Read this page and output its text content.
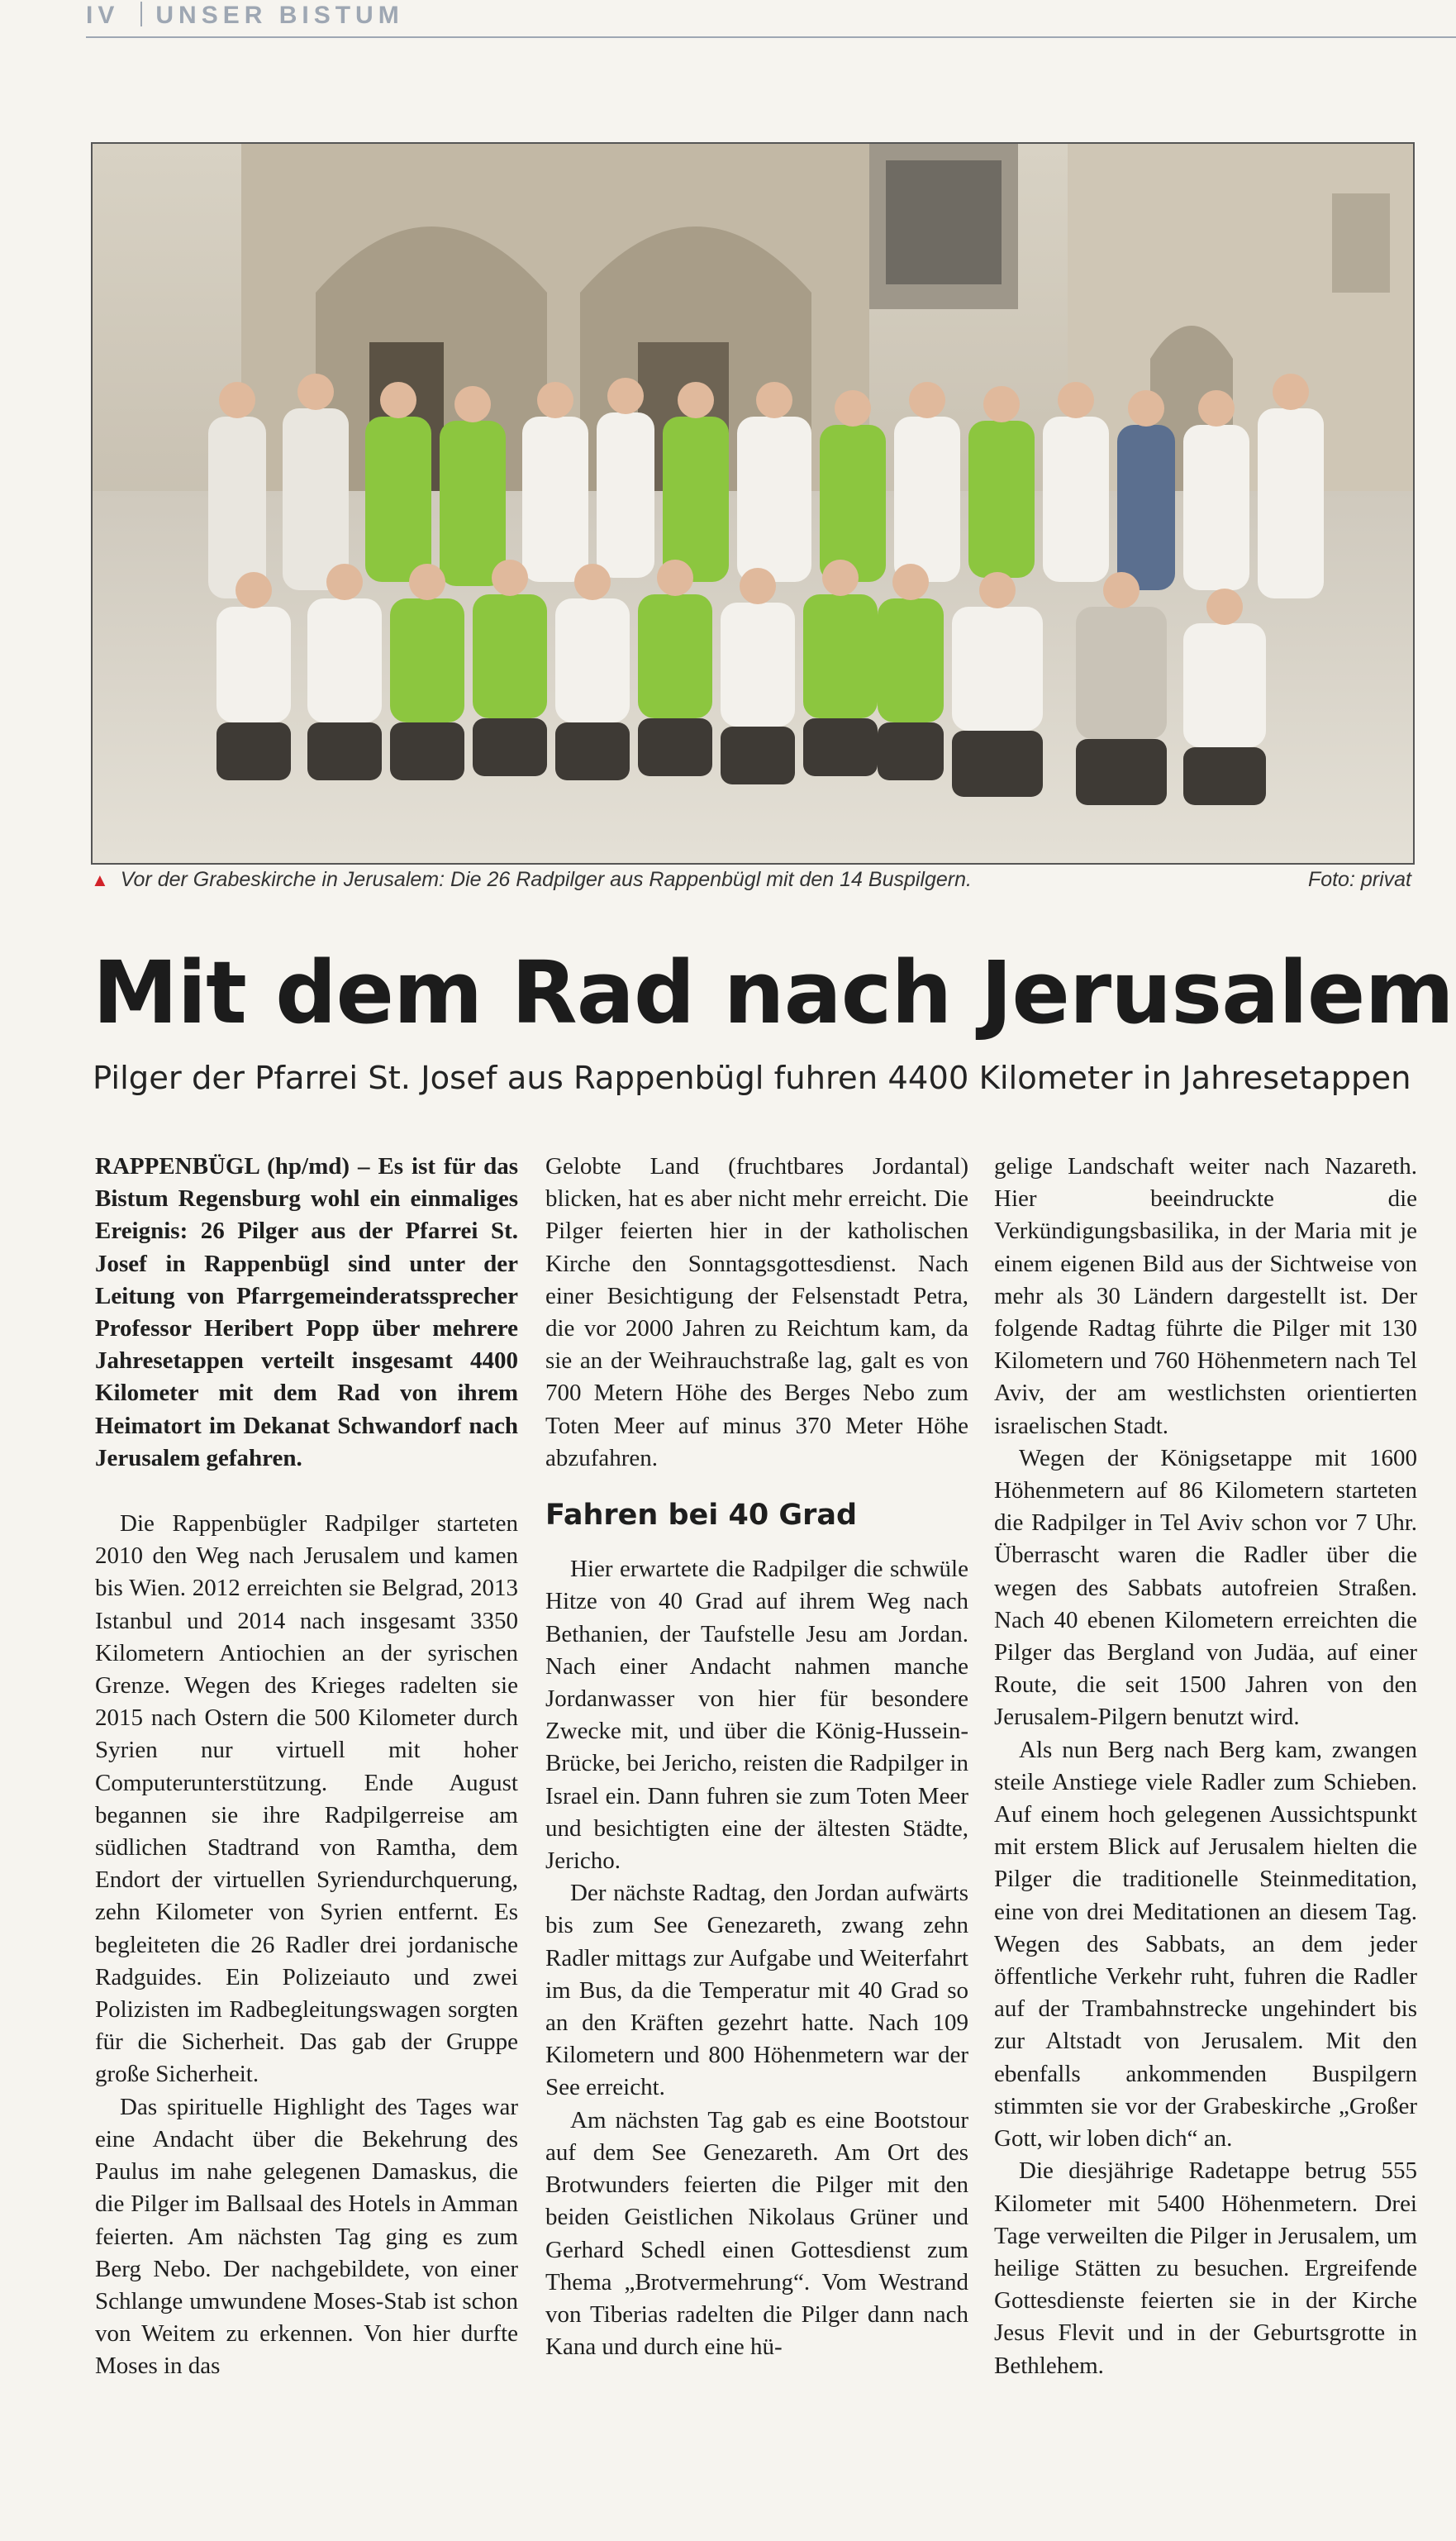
IV UNSER BISTUM
▲ Vor der Grabeskirche in Jerusalem: Die 26 Radpilger aus Rappenbügl mit den 14 Buspilgern.	Foto: privat
Mit dem Rad nach Jerusalem
Pilger der Pfarrei St. Josef aus Rappenbügl fuhren 4400 Kilometer in Jahresetappen

RAPPENBÜGL (hp/md) – Es ist für das Bistum Regensburg wohl ein einmaliges Ereignis: 26 Pilger aus der Pfarrei St. Josef in Rappenbügl sind unter der Leitung von Pfarrgemeinderatssprecher Professor Heribert Popp über mehrere Jahresetappen verteilt insgesamt 4400 Kilometer mit dem Rad von ihrem Heimatort im Dekanat Schwandorf nach Jerusalem gefahren.

Die Rappenbügler Radpilger starteten 2010 den Weg nach Jerusalem und kamen bis Wien. 2012 erreichten sie Belgrad, 2013 Istanbul und 2014 nach insgesamt 3350 Kilometern Antiochien an der syrischen Grenze. Wegen des Krieges radelten sie 2015 nach Ostern die 500 Kilometer durch Syrien nur virtuell mit hoher Computerunterstützung. Ende August begannen sie ihre Radpilgerreise am südlichen Stadtrand von Ramtha, dem Endort der virtuellen Syriendurchquerung, zehn Kilometer von Syrien entfernt. Es begleiteten die 26 Radler drei jordanische Radguides. Ein Polizeiauto und zwei Polizisten im Radbegleitungswagen sorgten für die Sicherheit. Das gab der Gruppe große Sicherheit.

Das spirituelle Highlight des Tages war eine Andacht über die Bekehrung des Paulus im nahe gelegenen Damaskus, die die Pilger im Ballsaal des Hotels in Amman feierten. Am nächsten Tag ging es zum Berg Nebo. Der nachgebildete, von einer Schlange umwundene Moses-Stab ist schon von Weitem zu erkennen. Von hier durfte Moses in das

Gelobte Land (fruchtbares Jordantal) blicken, hat es aber nicht mehr erreicht. Die Pilger feierten hier in der katholischen Kirche den Sonntagsgottesdienst. Nach einer Besichtigung der Felsenstadt Petra, die vor 2000 Jahren zu Reichtum kam, da sie an der Weihrauchstraße lag, galt es von 700 Metern Höhe des Berges Nebo zum Toten Meer auf minus 370 Meter Höhe abzufahren.

Fahren bei 40 Grad

Hier erwartete die Radpilger die schwüle Hitze von 40 Grad auf ihrem Weg nach Bethanien, der Taufstelle Jesu am Jordan. Nach einer Andacht nahmen manche Jordanwasser von hier für besondere Zwecke mit, und über die König-Hussein-Brücke, bei Jericho, reisten die Radpilger in Israel ein. Dann fuhren sie zum Toten Meer und besichtigten eine der ältesten Städte, Jericho.

Der nächste Radtag, den Jordan aufwärts bis zum See Genezareth, zwang zehn Radler mittags zur Aufgabe und Weiterfahrt im Bus, da die Temperatur mit 40 Grad so an den Kräften gezehrt hatte. Nach 109 Kilometern und 800 Höhenmetern war der See erreicht.

Am nächsten Tag gab es eine Bootstour auf dem See Genezareth. Am Ort des Brotwunders feierten die Pilger mit den beiden Geistlichen Nikolaus Grüner und Gerhard Schedl einen Gottesdienst zum Thema „Brotvermehrung“. Vom Westrand von Tiberias radelten die Pilger dann nach Kana und durch eine hü-

gelige Landschaft weiter nach Nazareth. Hier beeindruckte die Verkündigungsbasilika, in der Maria mit je einem eigenen Bild aus der Sichtweise von mehr als 30 Ländern dargestellt ist. Der folgende Radtag führte die Pilger mit 130 Kilometern und 760 Höhenmetern nach Tel Aviv, der am westlichsten orientierten israelischen Stadt.

Wegen der Königsetappe mit 1600 Höhenmetern auf 86 Kilometern starteten die Radpilger in Tel Aviv schon vor 7 Uhr. Überrascht waren die Radler über die wegen des Sabbats autofreien Straßen. Nach 40 ebenen Kilometern erreichten die Pilger das Bergland von Judäa, auf einer Route, die seit 1500 Jahren von den Jerusalem-Pilgern benutzt wird.

Als nun Berg nach Berg kam, zwangen steile Anstiege viele Radler zum Schieben. Auf einem hoch gelegenen Aussichtspunkt mit erstem Blick auf Jerusalem hielten die Pilger die traditionelle Steinmeditation, eine von drei Meditationen an diesem Tag. Wegen des Sabbats, an dem jeder öffentliche Verkehr ruht, fuhren die Radler auf der Trambahnstrecke ungehindert bis zur Altstadt von Jerusalem. Mit den ebenfalls ankommenden Buspilgern stimmten sie vor der Grabeskirche „Großer Gott, wir loben dich“ an.

Die diesjährige Radetappe betrug 555 Kilometer mit 5400 Höhenmetern. Drei Tage verweilten die Pilger in Jerusalem, um heilige Stätten zu besuchen. Ergreifende Gottesdienste feierten sie in der Kirche Jesus Flevit und in der Geburtsgrotte in Bethlehem.
